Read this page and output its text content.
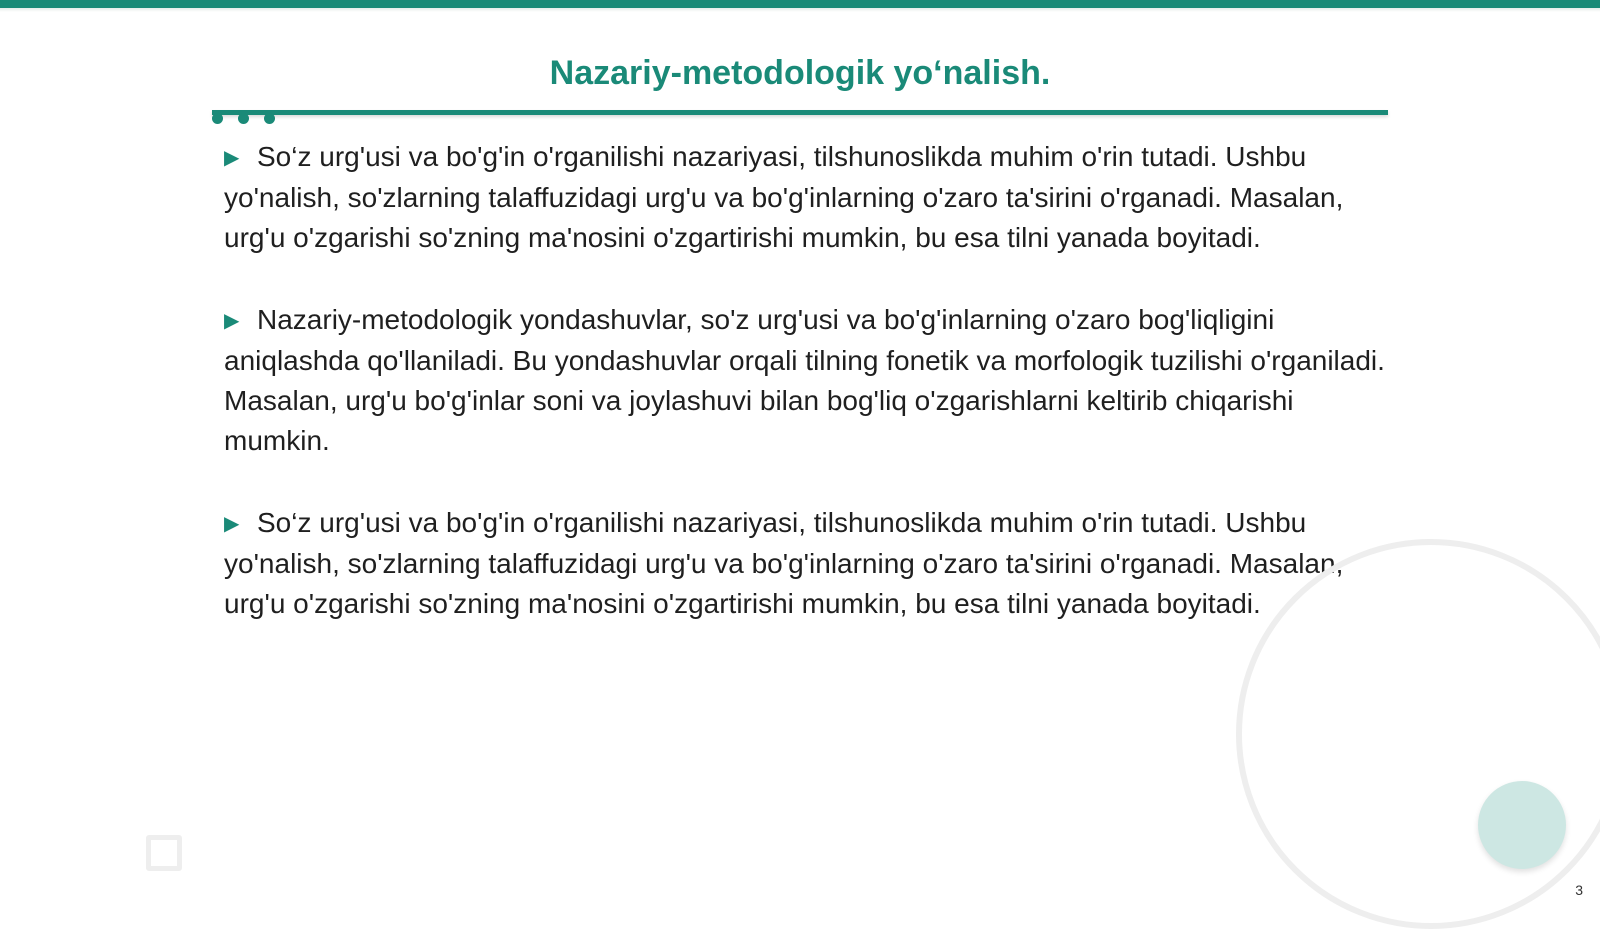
Nazariy-metodologik yo‘nalish.

▶ So‘z urg'usi va bo'g'in o'rganilishi nazariyasi, tilshunoslikda muhim o'rin tutadi. Ushbu yo'nalish, so'zlarning talaffuzidagi urg'u va bo'g'inlarning o'zaro ta'sirini o'rganadi. Masalan, urg'u o'zgarishi so'zning ma'nosini o'zgartirishi mumkin, bu esa tilni yanada boyitadi.

▶ Nazariy-metodologik yondashuvlar, so'z urg'usi va bo'g'inlarning o'zaro bog'liqligini aniqlashda qo'llaniladi. Bu yondashuvlar orqali tilning fonetik va morfologik tuzilishi o'rganiladi. Masalan, urg'u bo'g'inlar soni va joylashuvi bilan bog'liq o'zgarishlarni keltirib chiqarishi mumkin.

▶ So‘z urg'usi va bo'g'in o'rganilishi nazariyasi, tilshunoslikda muhim o'rin tutadi. Ushbu yo'nalish, so'zlarning talaffuzidagi urg'u va bo'g'inlarning o'zaro ta'sirini o'rganadi. Masalan, urg'u o'zgarishi so'zning ma'nosini o'zgartirishi mumkin, bu esa tilni yanada boyitadi.

3
